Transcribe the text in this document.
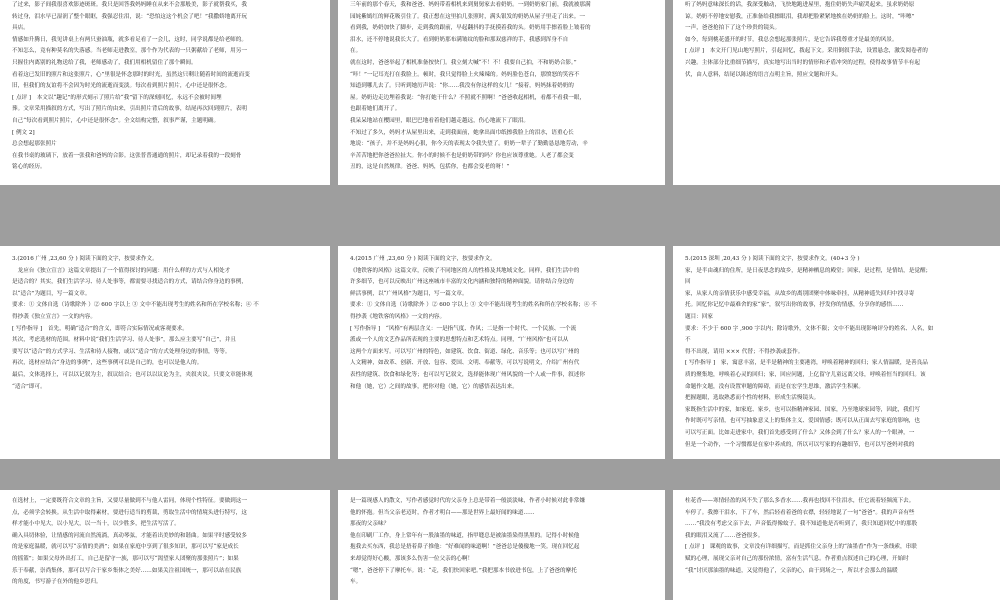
了过来，影子间我很喜欢影迹斑斑。我只是回答我妈妈睡在从来不会那般美，影子就帮我买，我

转过身，泪水早已湿润了整个眼眶，我强忍住泪，说：“恐怕这这个机会了吧！”我撒娇地离开玩

具店。

情感如升腾日，我见讲桌上有两只蚕油瓶，就多看足看了一会儿，这时，同学说都是给老师的。

不知怎么，竟有种莫名的失落感。当老师走进教室，那个作为代表的一只粥献给了老师，用另一

只握住内离别的礼物送给了我，老师感动了，我们用相机留住了那个瞬间。

看着这已发旧的照片和这张照片，心”里很是怀念那时的时光，虽然这只剩让随着时间的流逝而变

旧，但我们的友谊将不会因为时光的流逝而变淡。每次看到照片照片，心中还是很怀念。

[ 点评 ]　本文以“趣记”的形式刻示了照片给“我”留下的深刻回忆，永远不会被时间埋

葬。文章采用描叙的方式，写出了照片的由来，引出照片背后的故事，结尾再次回到照片，表明

自己“每次看到照片照片，心中还是很怀念”。全文结构完整，叙事严谨，主题明确。

[ 例文 2]

总会想起那张照片

在我书桌的玻璃下，放着一张我和爸妈的合影。这张普普通通的照片，却记录着我的一段刻骨

铭心的经历。

三年前的那个春天，我和爸爸、妈妈带着相机来到舅舅家去看奶奶。一到奶奶家门前，我就被那满

园姹紫嫣红的鲜花吸引住了。我正想在这里拍几张照时，满头银发的奶奶从屋子里走了出来。一

看到我，奶奶加快了脚步，走到我的跟前，早起翻抖的手抚摸着我的头。奶奶用手擦着脸上皱着的

泪水，还不停地说我长大了。看到奶奶那布满皱纹的脸和那双慈祥的手，我感到浑身不自

在。

就在这时，爸爸举起了相机准备按快门。我立刻大喊“不！不！我要自己拍，不和奶奶合影。”

“咔！”一记耳光打在我脸上。顿时，我只觉得脸上火辣辣的。妈妈脸色苍白，那愤怒的笑容不

知道到哪儿去了。只听到她厉声说：“你……我没有你这样的女儿！”接着，妈妈抹着奶奶的

屋。奶奶边走边埋着我说：“你打她干什么？不照就不照啊！”爸爸收起相机，看都不看我一眼，

也跟着她们离开了。

我呆呆地站在樱园里，眼巴巴地看着他们越走越远，伤心地流下了眼泪。

不知过了多久，妈妈才从屋里出来，走到我面前，她拿出面巾纸擦我脸上的泪水，语重心长

地说：“孩子，并不是妈妈心狠，你今天的表现太令我失望了。奶奶一辈子了勤勤恳恳地劳动，辛

辛苦苦地把你爸爸拉扯大。你小的时候不也是奶奶带的吗？你也应该尊重她。人老了都会变

丑的，这是自然规律。爸爸、妈妈，包括你，也都会变老的呀！”

听了妈妈意味深长的话，我深受触动，飞快地跑进屋里，抱住奶奶失声痛哭起来。虽求奶奶原

谅。奶奶不停地安慰我，正准备给我擦眼泪，我却把脸紧紧地挨在奶奶的脸上。这时，“咔嚓”

一声，爸爸抢拍下了这个珍贵的镜头。

如今，每到桃花盛开的时节，我总会想起那张照片，是它告诉我尊重才是最美的风景。

[ 点评 ]　本文开门见山地写照片，引起回忆，拨起下文。采用倒叙手法，设置悬念，激发阅卷者的

兴趣。主体部分比重细节描写，真实地写出当时的情形和矛盾冲突的过程，使得故事情节丰有起

伏，由人意料，结尾以陈述的语言点明主旨，照应文题和开头。

3.(2016 广州 ,23,60 分 ) 阅读下面的文字，按要求作文。

　龙应台《独立宣言》这篇文章提出了一个值得探讨的问题：用什么样的方式与人相处才

是适合的？其实，我们生活学习、待人处事等，都需要寻找适合的方式，请结合你身边的事例，

以“适合”为题目，写一篇文章。

要求：① 文体自选（诗歌除外 ）② 600 字以上 ③ 文中不能出现考生的姓名和所在学校名称；④ 不

得抄袭《独立宣言》一文的内容。

[ 写作指导 ]　首先，明确“适合”的含义，即符合实际情况或客观要求。

其次，考虑选材的范围。材料中说“我们生活学习、待人处事”，那么应主要写“自己”，并且

要写以“适合”的方式学习、生活和待人接物，或以“适合”的方式处理身边的事情，等等。

再次，选材应结合“身边的事例”，这些事例可以是自己的，也可以是他人的。

最后，文体选择上，可以以记叙为主，叙议结合；也可以以议论为主，夹叙夹议。只要文章能体现

“适合”即可。

4.(2015 广州 ,23,60 分 ) 阅读下面的文字，按要求作文。

《地铁客的风格》这篇文章，反映了不同地区的人的性格及其地域文化。同样，我们生活中的

许多细节，也可以反映出广州这座城市丰富的文化内涵和独特的精神面貌。请你结合身边的

鲜活事例，以“广州风格”为题目，写一篇文章。

要求：① 文体自选（诗歌除外 ）② 600 字以上 ③ 文中不能出现考生的姓名和所在学校名称；④ 不

得抄袭《地铁客的风格》一文的内容。

[ 写作指导 ]　“风格”有两层含义：一是指气度、作风；二是指一个时代、一个民族、一个流

派或一个人的文艺作品所表现的主要的思想特点和艺术特点。同理，“广州风格”也可以从

这两个方面来写。可以写广州的特色，如建筑、饮食、街道、绿化、音乐等；也可以写广州的

人文精神，如改革、创新、开放、包容、爱国、文明、奉献等，可以写说明文，介绍广州有代

表性的建筑、饮食和绿化等；也可以写记叙文，选择能体现广州风貌的一个人或一件事，叙述你

和他（她，它）之间的故事，把你对他（她，它）的感悟表达出来。

5.(2015 深圳 ,20,43 分 ) 阅读下面的文字，按要求作文。(40+3 分 )

家，是半由魂归的住所，是日夜思念的故乡，是精神栖息的殿堂；回家，是过程，是情结，是觉醒；

回

家，从家人的亲情获乐中感受幸福，从故乡的离别团聚中体味牵挂，从精神遥失回归中找寻寄

托。回忆你记忆中最难舍的家“家”，叙写出你的故事，抒发你的情感，分享你的感悟……

题目：回家

要求：不少于 600 字 ,900 字以内；除诗歌外，文体不限；文中不能出现影响评分的姓名、人名，如

不

得不出现，请用 ××× 代替；不得抄袭或套作。

[ 写作指导 ]　家，寓意丰富，是半是精神的主要港湾，呼唤着精神的回归；家人情温暖，是善良品

质的聚集地，呼唤着心灵的回归；家，回应问题，上亿留守儿童远离父母，呼唤着恒当的回归。该

命题作文题，没有设置审题的障碍，而是在宏学生思维，激活学生积累。

把握题眼，选取熟悉而个性的材料，形成生活慢镜头。

家既指生活中的家，如家庭、家乡，也可以指精神家园、国家，乃至地球家园等，因此，我们写

作时既可写亲情，也可写抽象意义上的集体主义、爱国情感；既可以从正面去写家庭的影响，也

可以写正面。比如走进家中，我们首先感受到了什么？又体会到了什么？家人的一个眼神，一

但是一个动作，一个习惯都是在家中养成的，所以可以写家的有趣细节，也可以写爸妈对我的

在选材上，一定要既符合文章的主旨，又要尽量做到不与他人雷同，体现个性特征。要做到这一

点，必须学会转换。从生活中取得素材，要进行适当的剪裁，剪取生活中的情境头进行特写，这

样才能小中见大，以小见大，以一当十，以少胜多，把生活写活了。

确入具切体验，让情感的河流自然流淌，真动琴弦，才能着出美妙的和谐曲。如果平时感受较多

的是家庭温暖，就可以写“亲情的美酒”；如果在家庭中享到了很多知识，那可以写“家是成长

的摇篮”；如果父母外出打工，自己是留守一族，那可以写“渴望家人团聚的那张照片”；如果

乐于奉献，崇尚集体，那可以写合于家乡集体之美好……如果关注祖国统一，那可以站在民族

的角度，书写游子在外的他乡思归。

是一篇现感人的散文，写作者感觉时代的父亲身上总是带着一般淡淡味，作者小时候对此非常嫌

他的怀抱。但当父亲老迈时，作者才明白——那是世界上最好闻的味道……

那夜的父亲味？

他在印刷厂工作，身上常年有一股油墨的味道，指甲缝总是被油墨染得黑黑的。记得小时候他

抱我去买东西，我总是捂着鼻子推他：“好难闻的味道啊！”爸爸总是傻傻地一笑。现在回忆起

来却觉得好心酸，那该多么伤害一位父亲的心啊！

“嗯”，爸爸停下了摩托车。说：“走，我们快回家吧。”我把那本书放进书包，上了爸爸的摩托

车。

柱花香——寒情轻盈的风不失了那么多香水……我再也找回不住泪水，任它流着轻频流下去。

车停了。我擦干泪水，下了车，然后轻看着爸的衣襟，轻轻地说了一句“爸爸”。我的声音有些

……”我没有考虑父亲下去，声音低得像蚊子。我不知道他是否听到了，我只知道回忆中的那股

我的眼泪又流了……爸爸很多。

[ 点评 ]　课观的故事，文章没有详细描写，而是抓住父亲身上的“油墨香”作为一条线索，串联

赋的心理，展现父亲对自己的那份浓情，富有生活气息。作者重点叙述自己的心理，开始时

“我”讨厌那油墨的味道，又觉得他了，父亲的心，由于到场之一，所以才会那么的温暖
